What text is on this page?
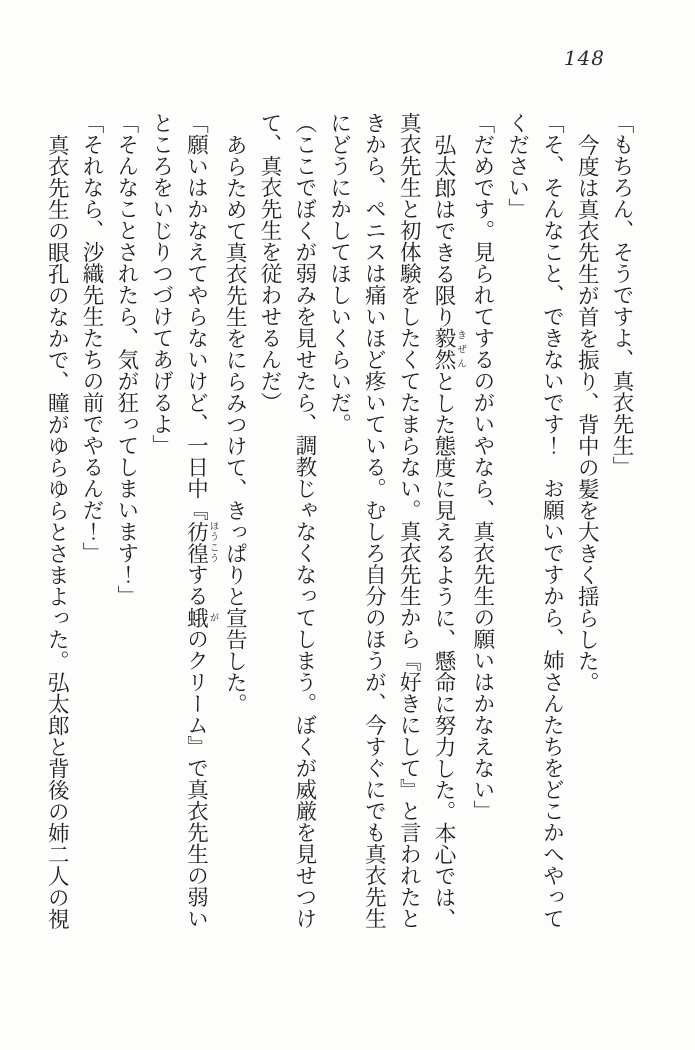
148

「もちろん、そうですよ、真衣先生」

今度は真衣先生が首を振り、背中の髪を大きく揺らした。

「そ、そんなこと、できないです！　お願いですから、姉さんたちをどこかへやってください」

「だめです。見られてするのがいやなら、真衣先生の願いはかなえない」

弘太郎はできる限り毅然 きぜんとした態度に見えるように、懸命に努力した。本心では、真衣先生と初体験をしたくてたまらない。真衣先生から『好きにして』と言われたときから、ペニスは痛いほど疼いている。むしろ自分のほうが、今すぐにでも真衣先生にどうにかしてほしいくらいだ。

（ここでぼくが弱みを見せたら、調教じゃなくなってしまう。ぼくが威厳を見せつけて、真衣先生を従わせるんだ）

あらためて真衣先生をにらみつけて、きっぱりと宣告した。

「願いはかなえてやらないけど、一日中『彷徨 ほうこうする蛾 がのクリーム』で真衣先生の弱いところをいじりつづけてあげるよ」

「そんなことされたら、気が狂ってしまいます！」

「それなら、沙織先生たちの前でやるんだ！」

真衣先生の眼孔のなかで、瞳がゆらゆらとさまよった。弘太郎と背後の姉二人の視
